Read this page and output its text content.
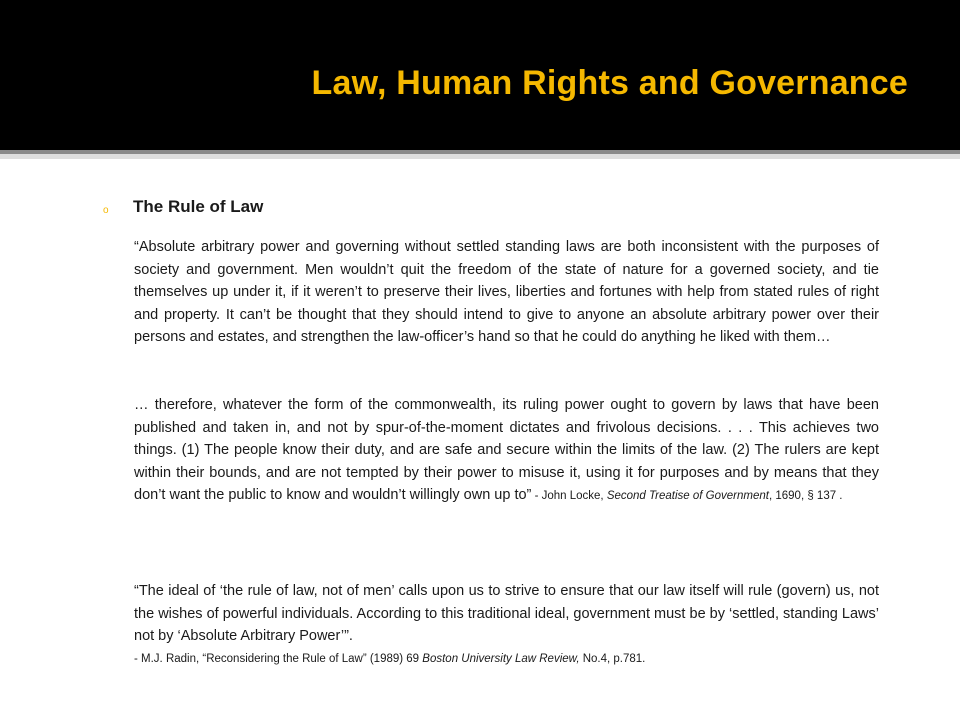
Law, Human Rights and Governance
o The Rule of Law

“Absolute arbitrary power and governing without settled standing laws are both inconsistent with the purposes of society and government. Men wouldn’t quit the freedom of the state of nature for a governed society, and tie themselves up under it, if it weren’t to preserve their lives, liberties and fortunes with help from stated rules of right and property. It can’t be thought that they should intend to give to anyone an absolute arbitrary power over their persons and estates, and strengthen the law-officer’s hand so that he could do anything he liked with them…

… therefore, whatever the form of the commonwealth, its ruling power ought to govern by laws that have been published and taken in, and not by spur-of-the-moment dictates and frivolous decisions. . . . This achieves two things. (1) The people know their duty, and are safe and secure within the limits of the law. (2) The rulers are kept within their bounds, and are not tempted by their power to misuse it, using it for purposes and by means that they don’t want the public to know and wouldn’t willingly own up to” - John Locke, Second Treatise of Government, 1690, § 137 .

“The ideal of ‘the rule of law, not of men’ calls upon us to strive to ensure that our law itself will rule (govern) us, not the wishes of powerful individuals. According to this traditional ideal, government must be by ‘settled, standing Laws’ not by ‘Absolute Arbitrary Power’”.

- M.J. Radin, “Reconsidering the Rule of Law” (1989) 69 Boston University Law Review, No.4, p.781.
